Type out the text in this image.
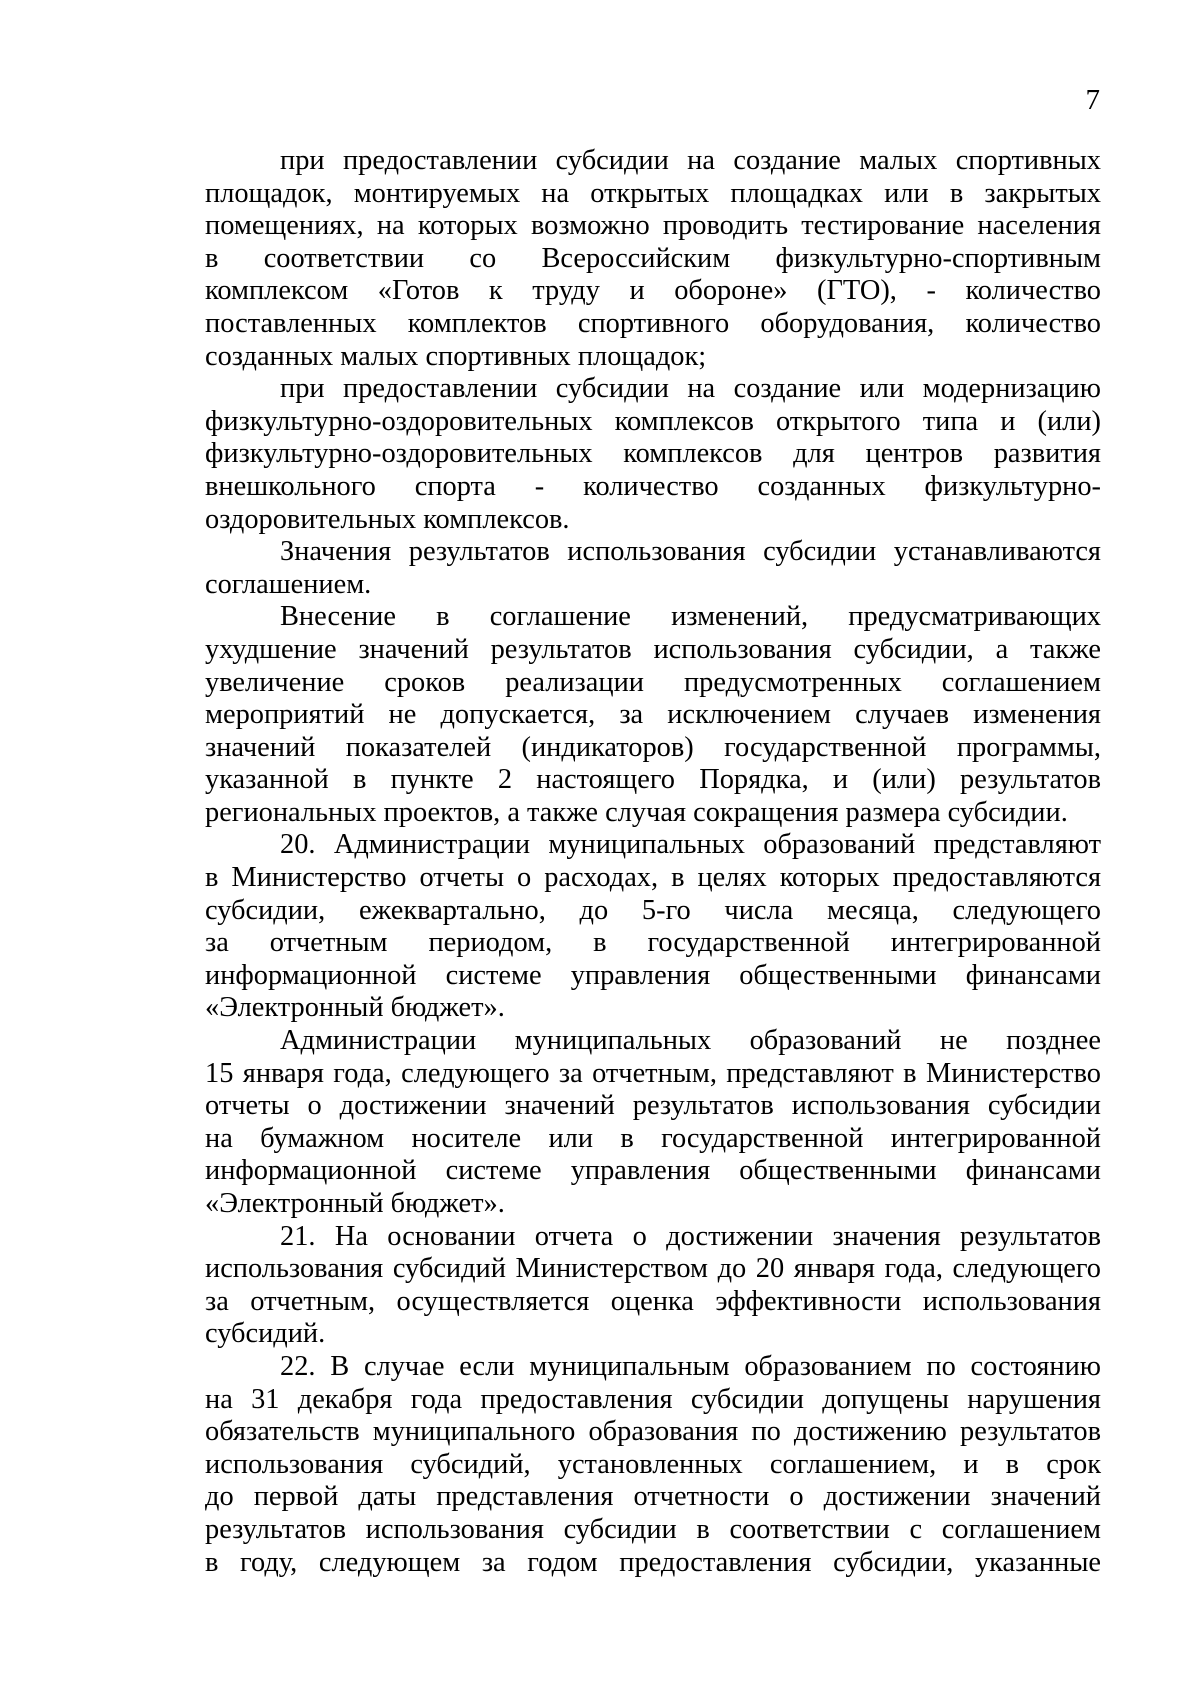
7

при предоставлении субсидии на создание малых спортивных
площадок, монтируемых на открытых площадках или в закрытых
помещениях, на которых возможно проводить тестирование населения
в соответствии со Всероссийским физкультурно-спортивным
комплексом «Готов к труду и обороне» (ГТО), - количество
поставленных комплектов спортивного оборудования, количество
созданных малых спортивных площадок;

при предоставлении субсидии на создание или модернизацию
физкультурно-оздоровительных комплексов открытого типа и (или)
физкультурно-оздоровительных комплексов для центров развития
внешкольного спорта - количество созданных физкультурно-
оздоровительных комплексов.

Значения результатов использования субсидии устанавливаются
соглашением.

Внесение в соглашение изменений, предусматривающих
ухудшение значений результатов использования субсидии, а также
увеличение сроков реализации предусмотренных соглашением
мероприятий не допускается, за исключением случаев изменения
значений показателей (индикаторов) государственной программы,
указанной в пункте 2 настоящего Порядка, и (или) результатов
региональных проектов, а также случая сокращения размера субсидии.

20. Администрации муниципальных образований представляют
в Министерство отчеты о расходах, в целях которых предоставляются
субсидии, ежеквартально, до 5-го числа месяца, следующего
за отчетным периодом, в государственной интегрированной
информационной системе управления общественными финансами
«Электронный бюджет».

Администрации муниципальных образований не позднее
15 января года, следующего за отчетным, представляют в Министерство
отчеты о достижении значений результатов использования субсидии
на бумажном носителе или в государственной интегрированной
информационной системе управления общественными финансами
«Электронный бюджет».

21. На основании отчета о достижении значения результатов
использования субсидий Министерством до 20 января года, следующего
за отчетным, осуществляется оценка эффективности использования
субсидий.

22. В случае если муниципальным образованием по состоянию
на 31 декабря года предоставления субсидии допущены нарушения
обязательств муниципального образования по достижению результатов
использования субсидий, установленных соглашением, и в срок
до первой даты представления отчетности о достижении значений
результатов использования субсидии в соответствии с соглашением
в году, следующем за годом предоставления субсидии, указанные
